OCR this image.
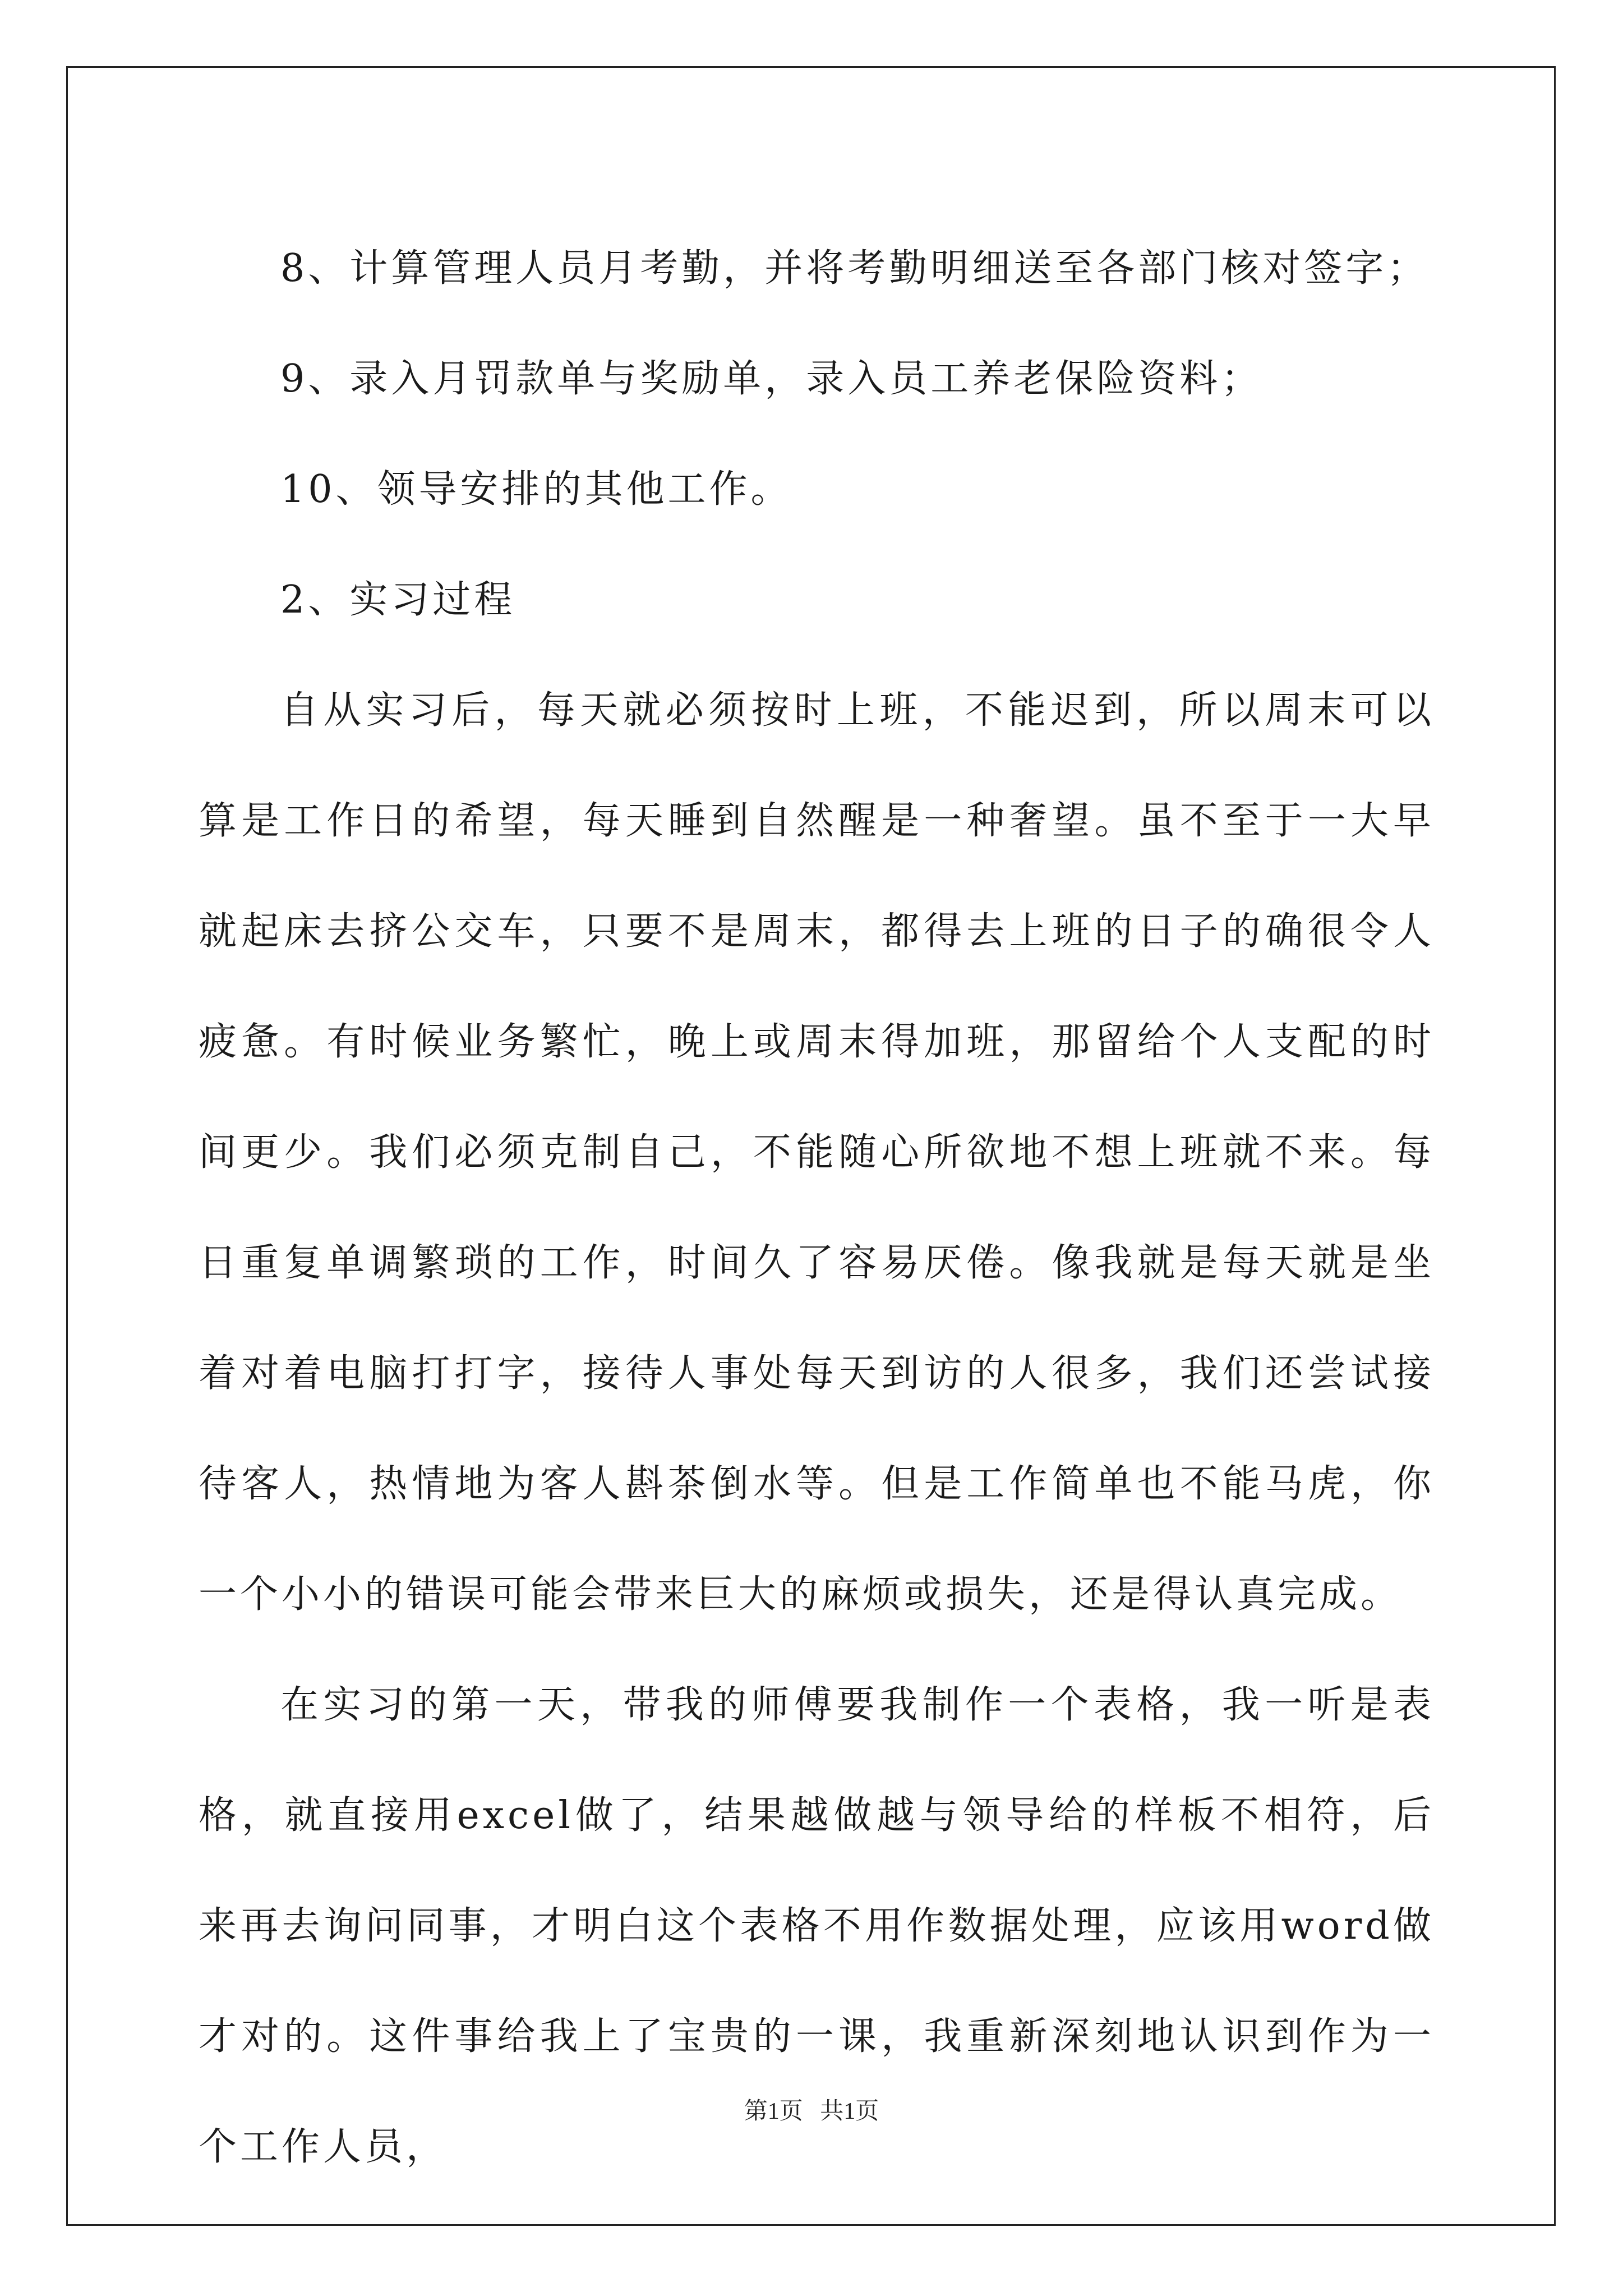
8、计算管理人员月考勤，并将考勤明细送至各部门核对签字；

9、录入月罚款单与奖励单，录入员工养老保险资料；

10、领导安排的其他工作。

2、实习过程

自从实习后，每天就必须按时上班，不能迟到，所以周末可以算是工作日的希望，每天睡到自然醒是一种奢望。虽不至于一大早就起床去挤公交车，只要不是周末，都得去上班的日子的确很令人疲惫。有时候业务繁忙，晚上或周末得加班，那留给个人支配的时间更少。我们必须克制自己，不能随心所欲地不想上班就不来。每日重复单调繁琐的工作，时间久了容易厌倦。像我就是每天就是坐着对着电脑打打字，接待人事处每天到访的人很多，我们还尝试接待客人，热情地为客人斟茶倒水等。但是工作简单也不能马虎，你一个小小的错误可能会带来巨大的麻烦或损失，还是得认真完成。

在实习的第一天，带我的师傅要我制作一个表格，我一听是表格，就直接用excel做了，结果越做越与领导给的样板不相符，后来再去询问同事，才明白这个表格不用作数据处理，应该用word做才对的。这件事给我上了宝贵的一课，我重新深刻地认识到作为一个工作人员，

第1页 共1页
